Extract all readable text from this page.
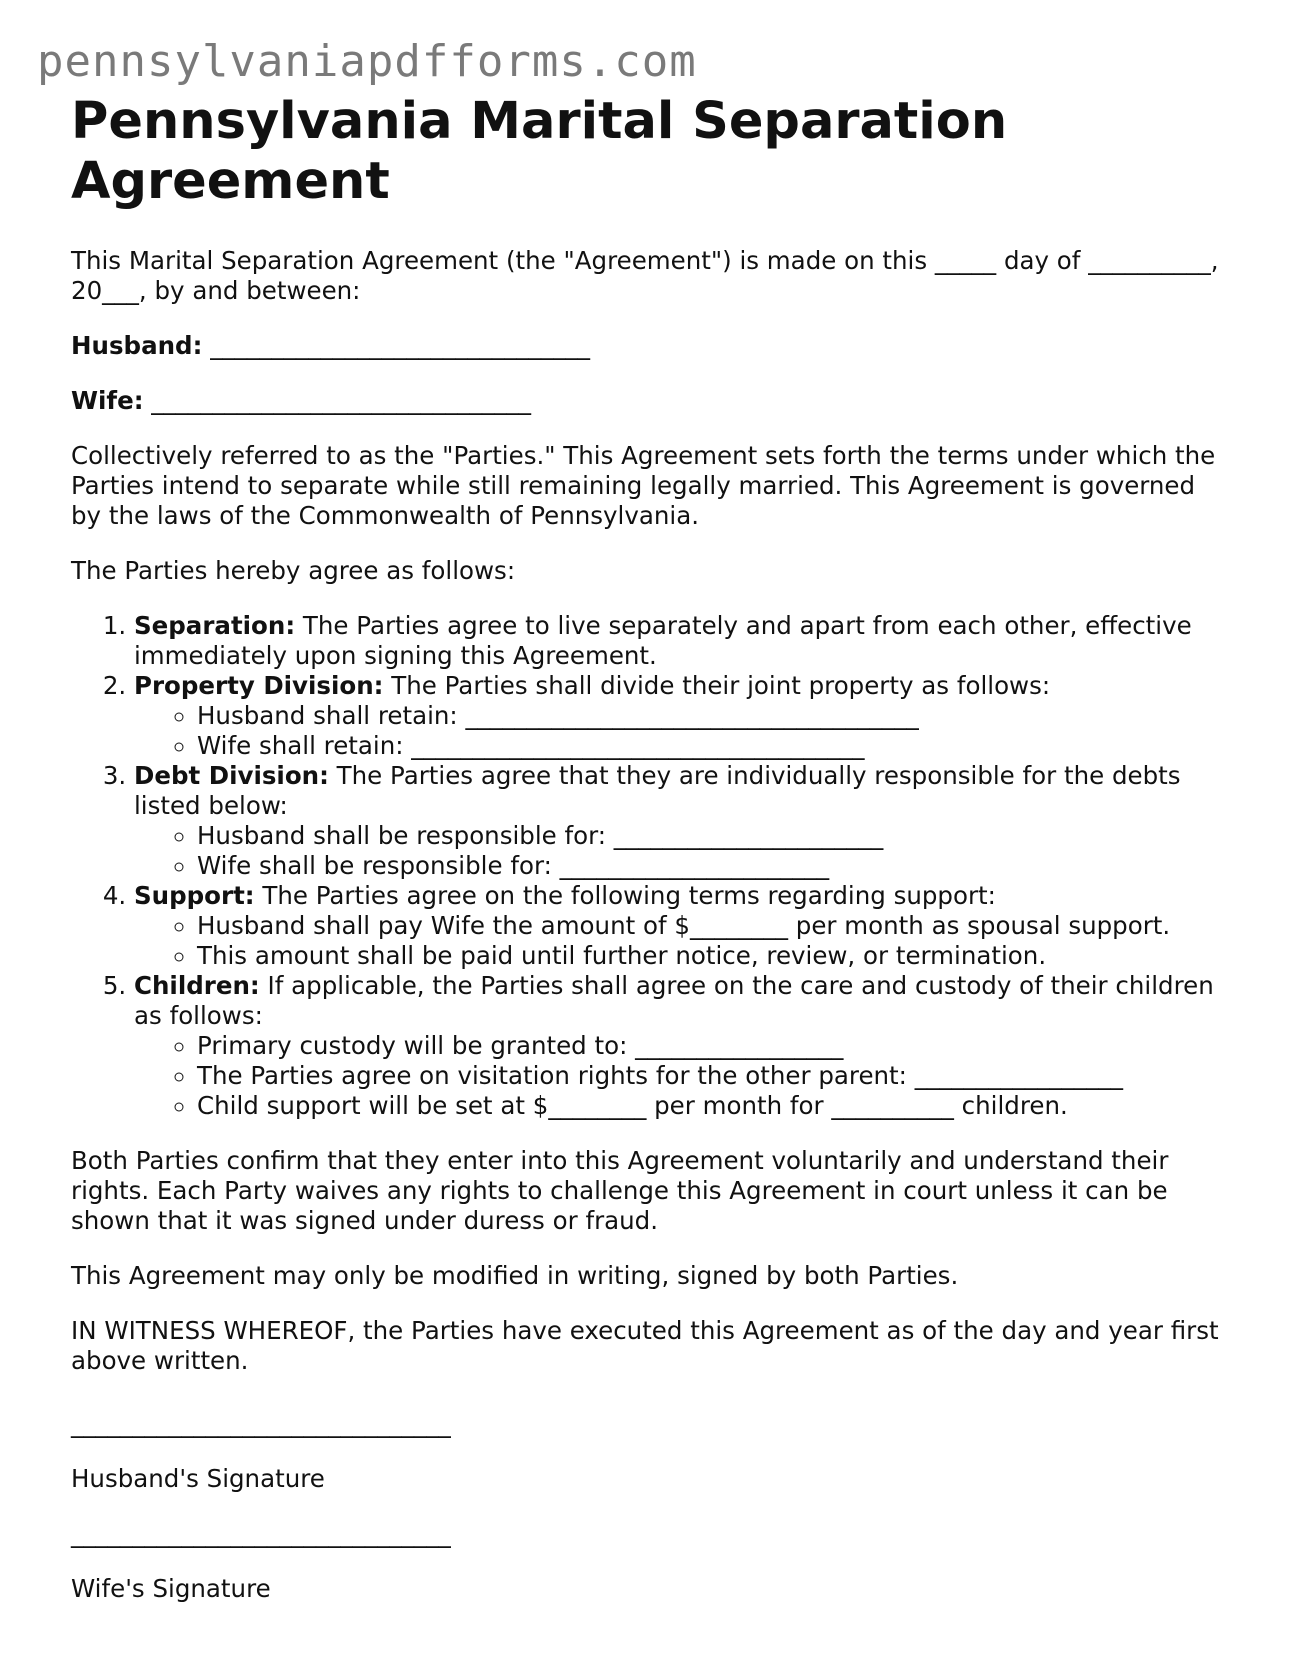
pennsylvaniapdfforms.com
Pennsylvania Marital Separation Agreement

This Marital Separation Agreement (the "Agreement") is made on this _____ day of __________, 20___, by and between:

Husband: _______________________________

Wife: _______________________________

Collectively referred to as the "Parties." This Agreement sets forth the terms under which the Parties intend to separate while still remaining legally married. This Agreement is governed by the laws of the Commonwealth of Pennsylvania.

The Parties hereby agree as follows:

1. Separation: The Parties agree to live separately and apart from each other, effective immediately upon signing this Agreement.
2. Property Division: The Parties shall divide their joint property as follows:
◦ Husband shall retain: _____________________________________
◦ Wife shall retain: _____________________________________
3. Debt Division: The Parties agree that they are individually responsible for the debts listed below:
◦ Husband shall be responsible for: ______________________
◦ Wife shall be responsible for: ______________________
4. Support: The Parties agree on the following terms regarding support:
◦ Husband shall pay Wife the amount of $________ per month as spousal support.
◦ This amount shall be paid until further notice, review, or termination.
5. Children: If applicable, the Parties shall agree on the care and custody of their children as follows:
◦ Primary custody will be granted to: _________________
◦ The Parties agree on visitation rights for the other parent: _________________
◦ Child support will be set at $________ per month for __________ children.

Both Parties confirm that they enter into this Agreement voluntarily and understand their rights. Each Party waives any rights to challenge this Agreement in court unless it can be shown that it was signed under duress or fraud.

This Agreement may only be modified in writing, signed by both Parties.

IN WITNESS WHEREOF, the Parties have executed this Agreement as of the day and year first above written.

_______________________________

Husband's Signature

_______________________________

Wife's Signature
